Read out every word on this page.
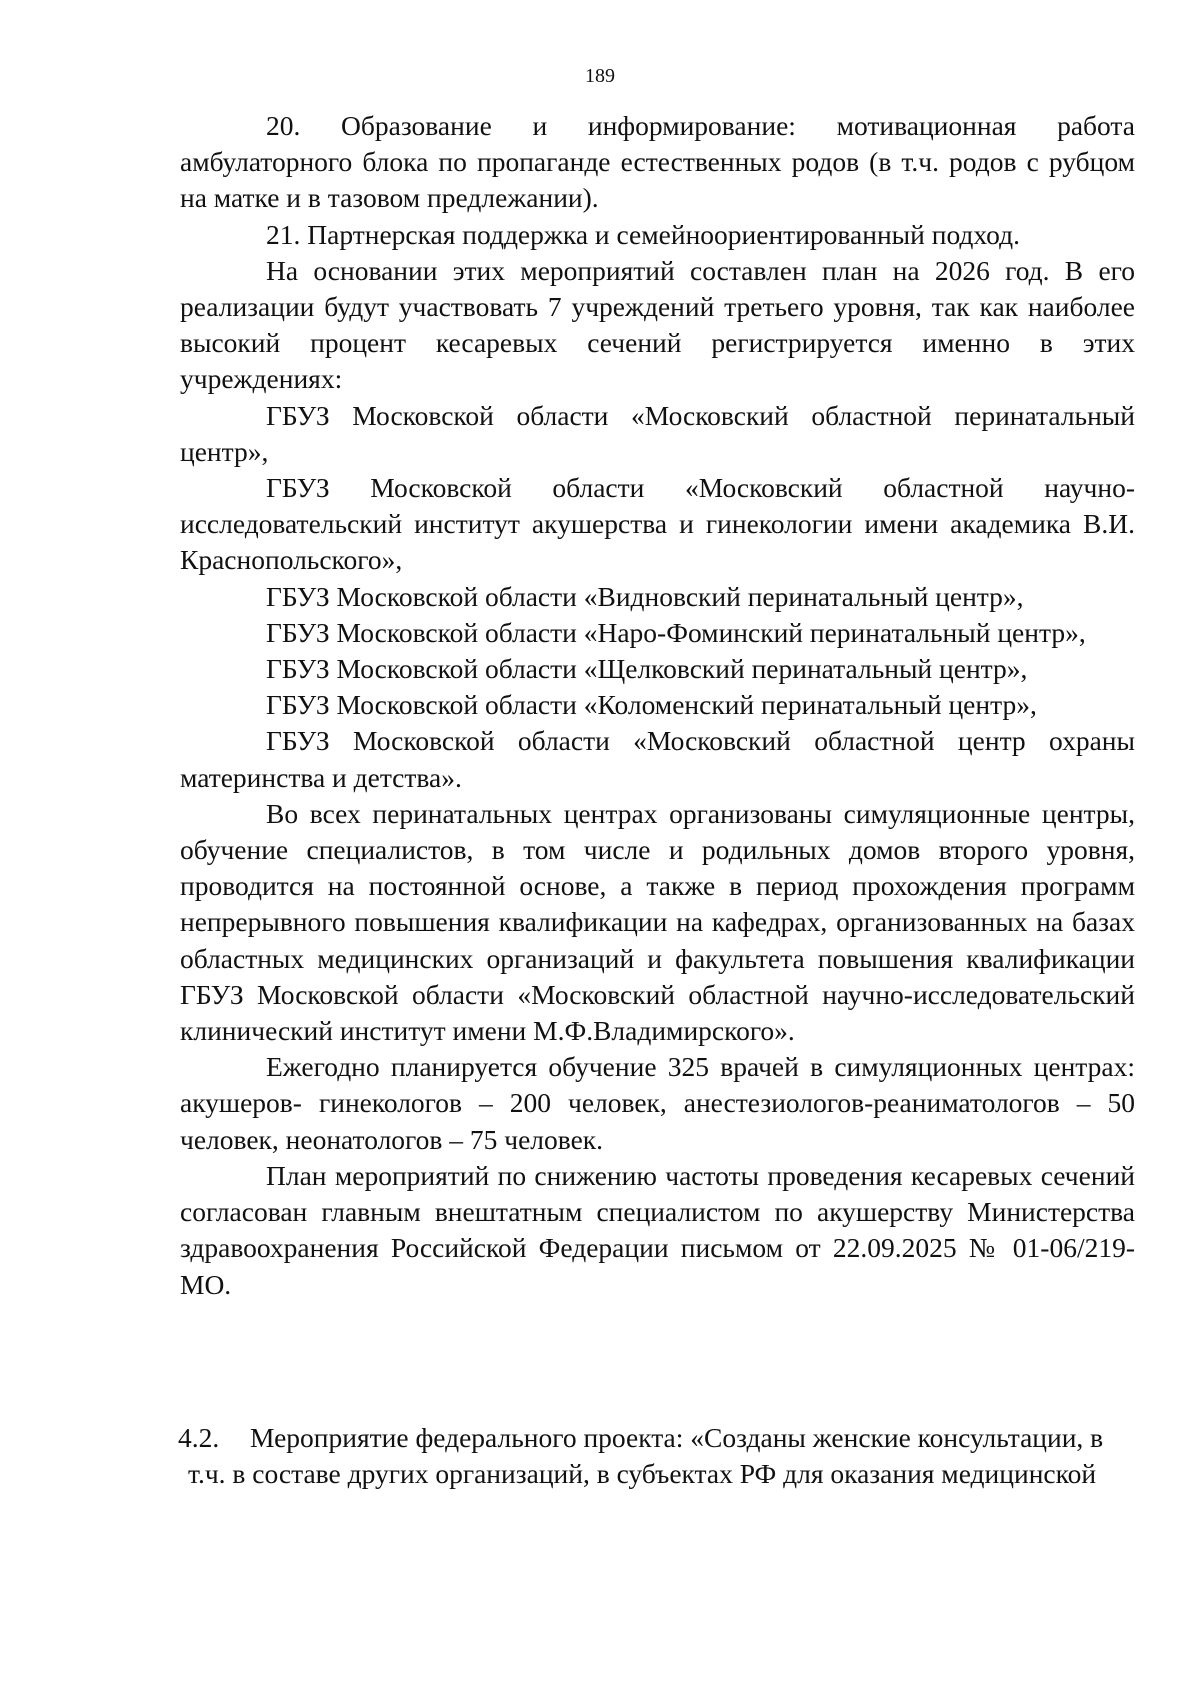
189

20. Образование и информирование: мотивационная работа амбулаторного блока по пропаганде естественных родов (в т.ч. родов с рубцом на матке и в тазовом предлежании).

21. Партнерская поддержка и семейноориентированный подход.

На основании этих мероприятий составлен план на 2026 год. В его реализации будут участвовать 7 учреждений третьего уровня, так как наиболее высокий процент кесаревых сечений регистрируется именно в этих учреждениях:

ГБУЗ Московской области «Московский областной перинатальный центр»,

ГБУЗ Московской области «Московский областной научно-исследовательский институт акушерства и гинекологии имени академика В.И. Краснопольского»,

ГБУЗ Московской области «Видновский перинатальный центр»,

ГБУЗ Московской области «Наро-Фоминский перинатальный центр»,

ГБУЗ Московской области «Щелковский перинатальный центр»,

ГБУЗ Московской области «Коломенский перинатальный центр»,

ГБУЗ Московской области «Московский областной центр охраны материнства и детства».

Во всех перинатальных центрах организованы симуляционные центры, обучение специалистов, в том числе и родильных домов второго уровня, проводится на постоянной основе, а также в период прохождения программ непрерывного повышения квалификации на кафедрах, организованных на базах областных медицинских организаций и факультета повышения квалификации ГБУЗ Московской области «Московский областной научно-исследовательский клинический институт имени М.Ф.Владимирского».

Ежегодно планируется обучение 325 врачей в симуляционных центрах: акушеров- гинекологов – 200 человек, анестезиологов-реаниматологов – 50 человек, неонатологов – 75 человек.

План мероприятий по снижению частоты проведения кесаревых сечений согласован главным внештатным специалистом по акушерству Министерства здравоохранения Российской Федерации письмом от 22.09.2025 № 01-06/219-МО.

4.2. Мероприятие федерального проекта: «Созданы женские консультации, в

т.ч. в составе других организаций, в субъектах РФ для оказания медицинской
